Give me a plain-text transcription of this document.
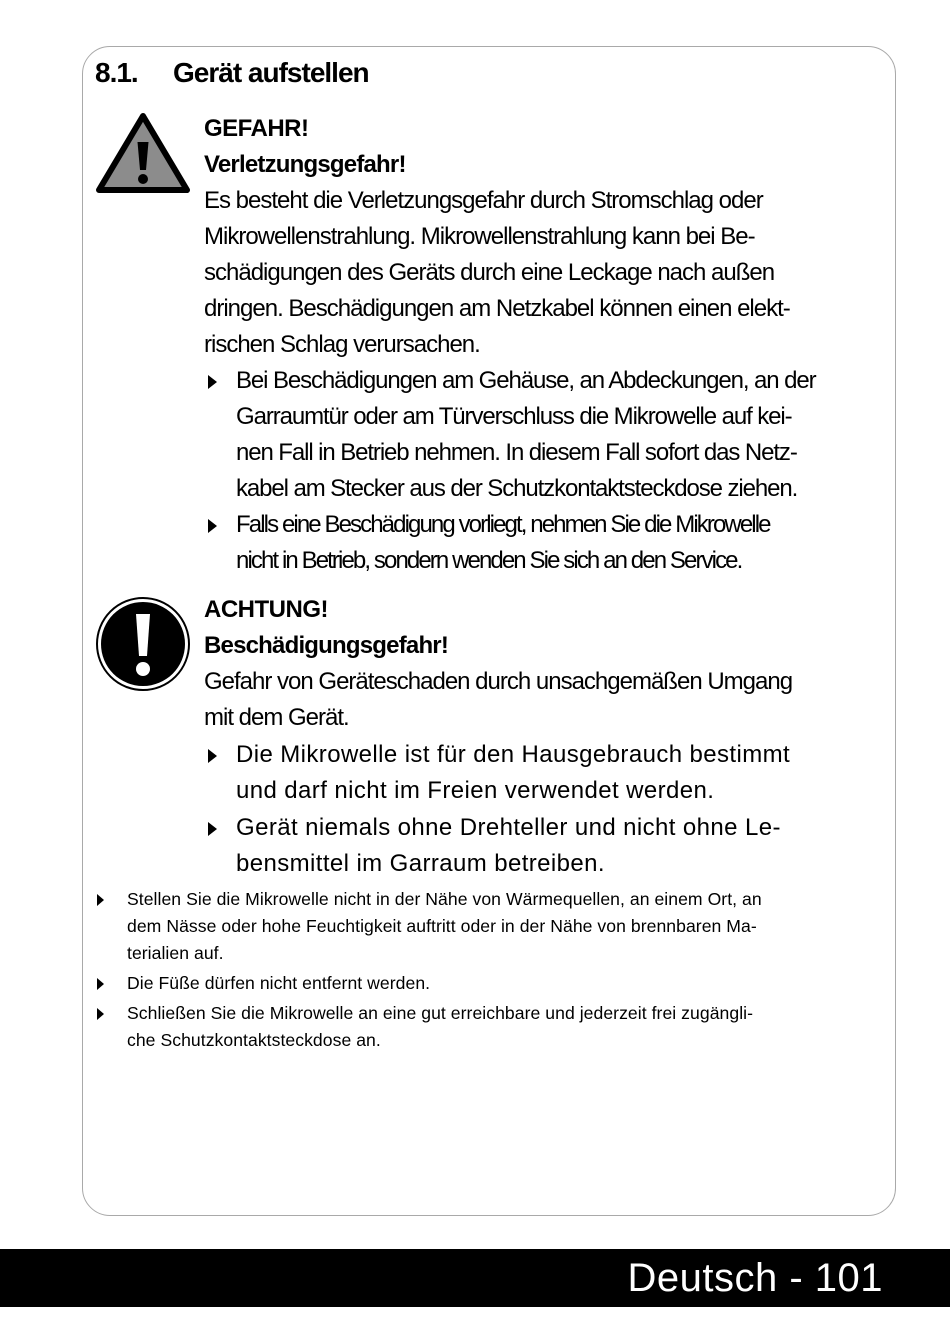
8.1. Gerät aufstellen
GEFAHR!
Verletzungsgefahr!

Es besteht die Verletzungsgefahr durch Stromschlag oder
Mikrowellenstrahlung. Mikrowellenstrahlung kann bei Be-
schädigungen des Geräts durch eine Leckage nach außen
dringen. Beschädigungen am Netzkabel können einen elekt-
rischen Schlag verursachen.

Bei Beschädigungen am Gehäuse, an Abdeckungen, an der
Garraumtür oder am Türverschluss die Mikrowelle auf kei-
nen Fall in Betrieb nehmen. In diesem Fall sofort das Netz-
kabel am Stecker aus der Schutzkontaktsteckdose ziehen.
Falls eine Beschädigung vorliegt, nehmen Sie die Mikrowelle
nicht in Betrieb, sondern wenden Sie sich an den Service.
ACHTUNG!
Beschädigungsgefahr!

Gefahr von Geräteschaden durch unsachgemäßen Umgang
mit dem Gerät.

Die Mikrowelle ist für den Hausgebrauch bestimmt
und darf nicht im Freien verwendet werden.
Gerät niemals ohne Drehteller und nicht ohne Le-
bensmittel im Garraum betreiben.
Stellen Sie die Mikrowelle nicht in der Nähe von Wärmequellen, an einem Ort, an
dem Nässe oder hohe Feuchtigkeit auftritt oder in der Nähe von brennbaren Ma-
terialien auf.
Die Füße dürfen nicht entfernt werden.
Schließen Sie die Mikrowelle an eine gut erreichbare und jederzeit frei zugängli-
che Schutzkontaktsteckdose an.
Deutsch - 101
